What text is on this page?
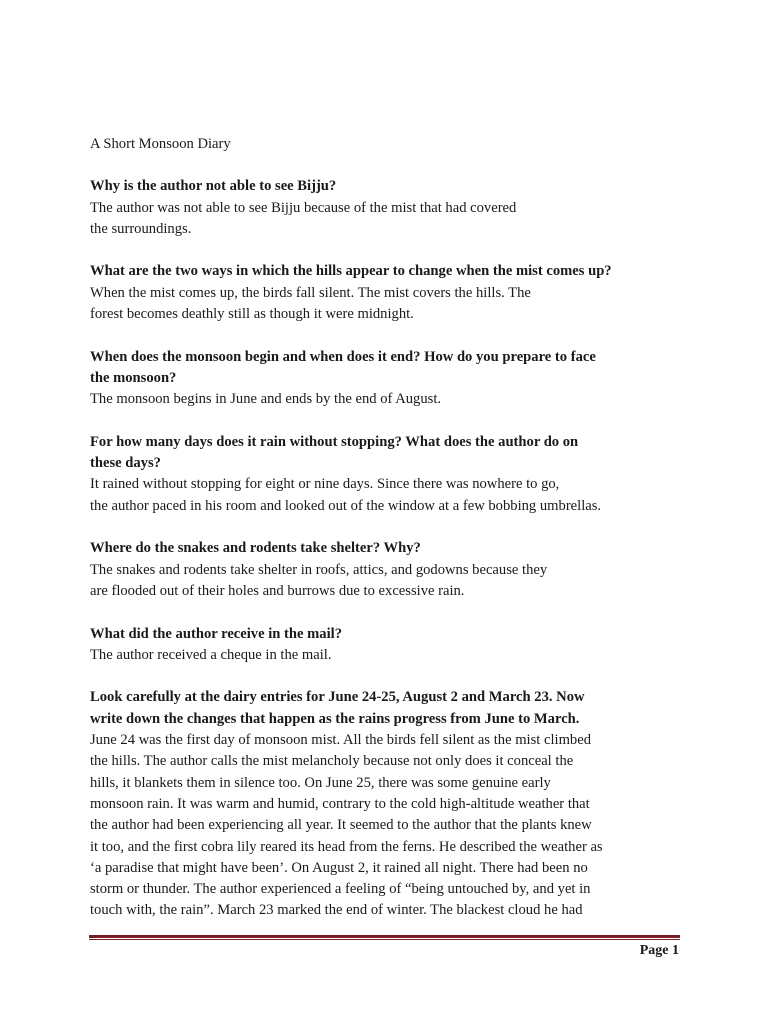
A Short Monsoon Diary

Why is the author not able to see Bijju?

The author was not able to see Bijju because of the mist that had covered
the surroundings.

What are the two ways in which the hills appear to change when the mist comes up?

When the mist comes up, the birds fall silent. The mist covers the hills. The
forest becomes deathly still as though it were midnight.

When does the monsoon begin and when does it end? How do you prepare to face
the monsoon?

The monsoon begins in June and ends by the end of August.

For how many days does it rain without stopping? What does the author do on
these days?

It rained without stopping for eight or nine days. Since there was nowhere to go,
the author paced in his room and looked out of the window at a few bobbing umbrellas.

Where do the snakes and rodents take shelter? Why?

The snakes and rodents take shelter in roofs, attics, and godowns because they
are flooded out of their holes and burrows due to excessive rain.

What did the author receive in the mail?

The author received a cheque in the mail.

Look carefully at the dairy entries for June 24-25, August 2 and March 23. Now
write down the changes that happen as the rains progress from June to March.

June 24 was the first day of monsoon mist. All the birds fell silent as the mist climbed
the hills. The author calls the mist melancholy because not only does it conceal the
hills, it blankets them in silence too. On June 25, there was some genuine early
monsoon rain. It was warm and humid, contrary to the cold high-altitude weather that
the author had been experiencing all year. It seemed to the author that the plants knew
it too, and the first cobra lily reared its head from the ferns. He described the weather as
‘a paradise that might have been’. On August 2, it rained all night. There had been no
storm or thunder. The author experienced a feeling of “being untouched by, and yet in
touch with, the rain”. March 23 marked the end of winter. The blackest cloud he had

Page 1
